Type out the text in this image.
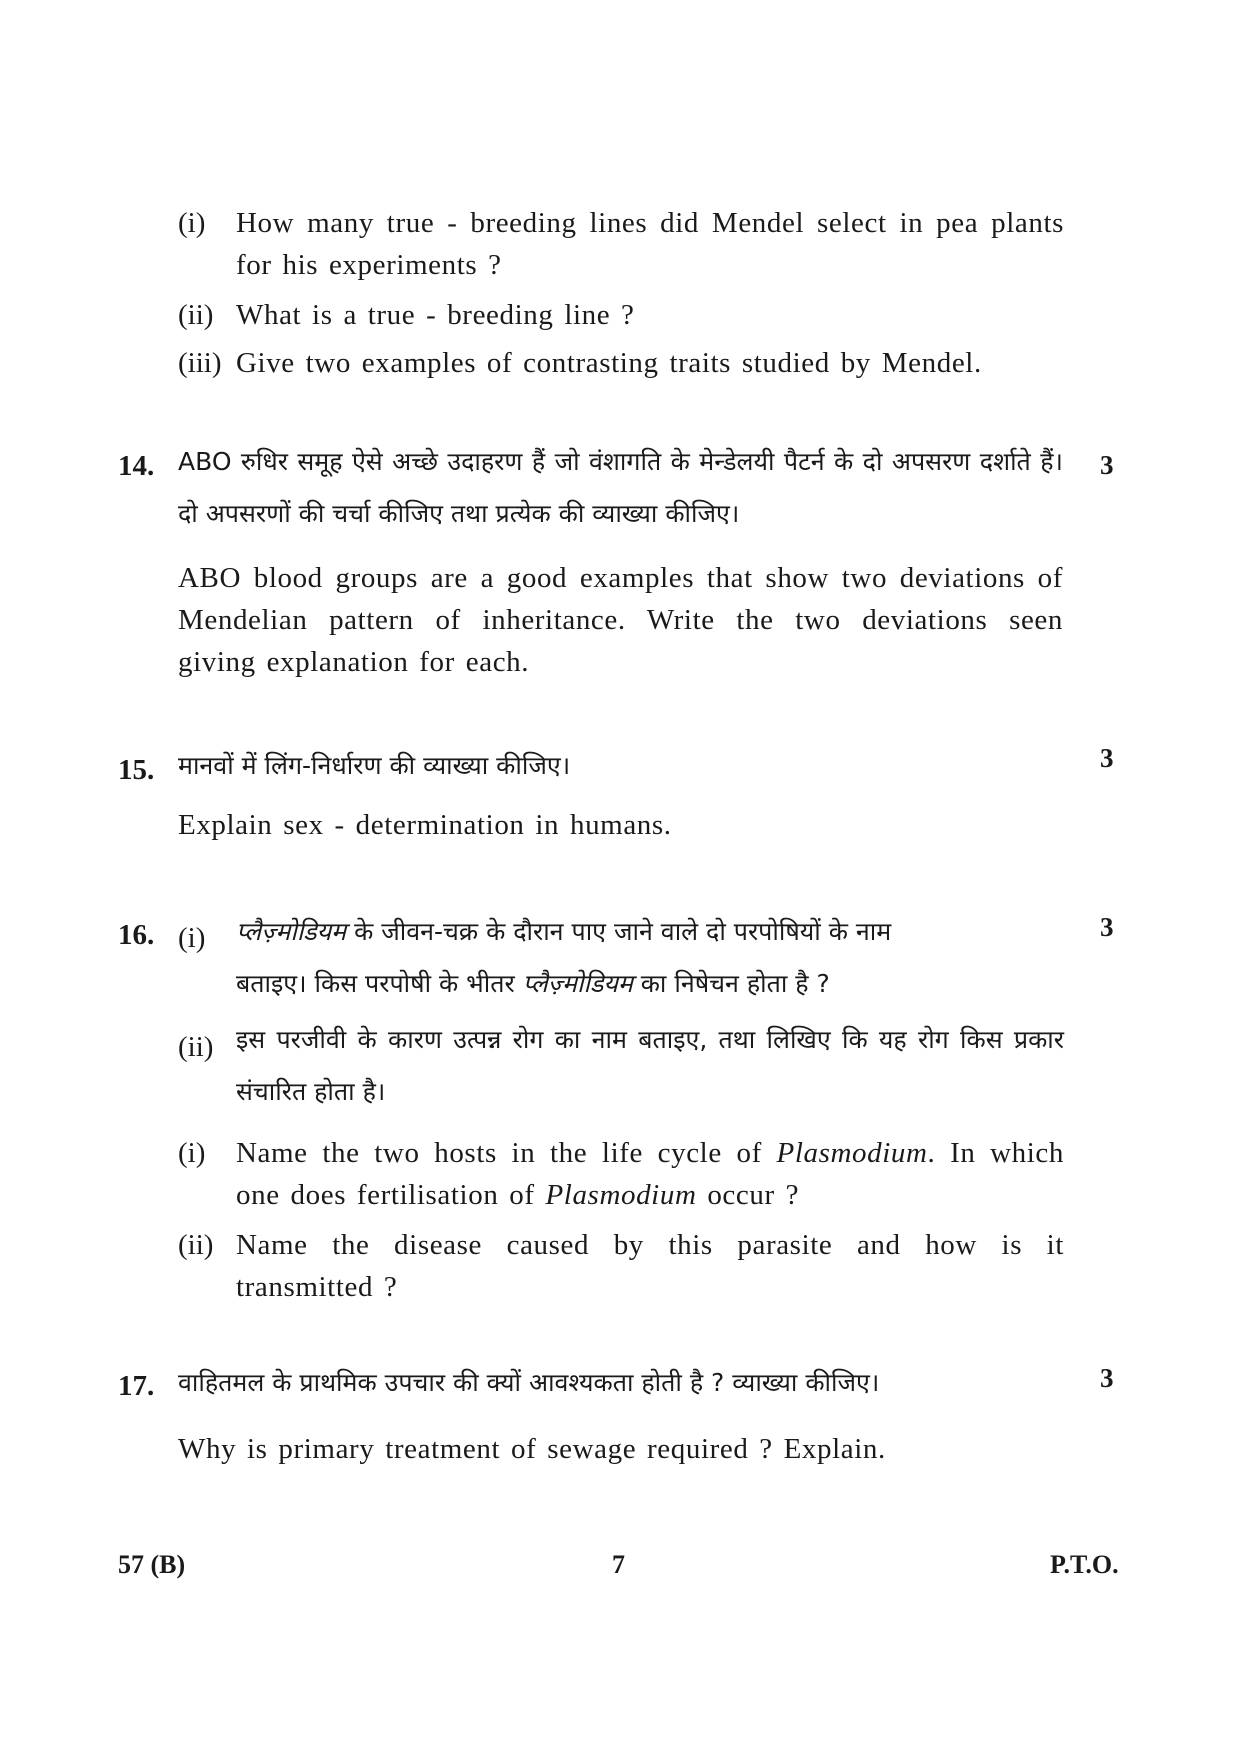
(i) How many true - breeding lines did Mendel select in pea plants for his experiments ?
(ii) What is a true - breeding line ?
(iii) Give two examples of contrasting traits studied by Mendel.
14.	3
ABO रुधिर समूह ऐसे अच्छे उदाहरण हैं जो वंशागति के मेन्डेलयी पैटर्न के दो अपसरण दर्शाते हैं। दो अपसरणों की चर्चा कीजिए तथा प्रत्येक की व्याख्या कीजिए।
ABO blood groups are a good examples that show two deviations of Mendelian pattern of inheritance. Write the two deviations seen giving explanation for each.
15.	3
मानवों में लिंग-निर्धारण की व्याख्या कीजिए।
Explain sex - determination in humans.
16.	3
(i) प्लैज़्मोडियम के जीवन-चक्र के दौरान पाए जाने वाले दो परपोषियों के नाम
बताइए। किस परपोषी के भीतर प्लैज़्मोडियम का निषेचन होता है ?
(ii) इस परजीवी के कारण उत्पन्न रोग का नाम बताइए, तथा लिखिए कि यह रोग किस प्रकार संचारित होता है।
(i) Name the two hosts in the life cycle of Plasmodium. In which one does fertilisation of Plasmodium occur ?
(ii) Name the disease caused by this parasite and how is it transmitted ?
17.	3
वाहितमल के प्राथमिक उपचार की क्यों आवश्यकता होती है ? व्याख्या कीजिए।
Why is primary treatment of sewage required ? Explain.
57 (B)	7	P.T.O.
